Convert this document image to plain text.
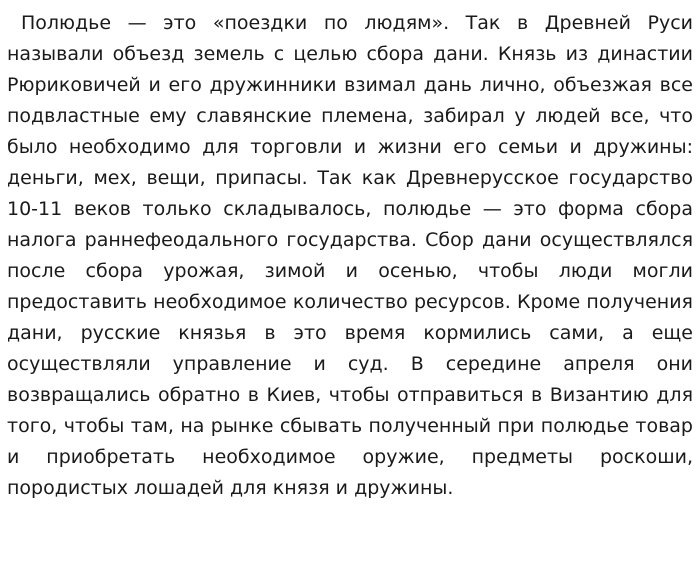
Полюдье — это «поездки по людям». Так в Древней Руси называли объезд земель с целью сбора дани. Князь из династии Рюриковичей и его дружинники взимал дань лично, объезжая все подвластные ему славянские племена, забирал у людей все, что было необходимо для торговли и жизни его семьи и дружины: деньги, мех, вещи, припасы. Так как Древнерусское государство 10-11 веков только складывалось, полюдье — это форма сбора налога раннефеодального государства. Сбор дани осуществлялся после сбора урожая, зимой и осенью, чтобы люди могли предоставить необходимое количество ресурсов. Кроме получения дани, русские князья в это время кормились сами, а еще осуществляли управление и суд. В середине апреля они возвращались обратно в Киев, чтобы отправиться в Византию для того, чтобы там, на рынке сбывать полученный при полюдье товар и приобретать необходимое оружие, предметы роскоши, породистых лошадей для князя и дружины.
